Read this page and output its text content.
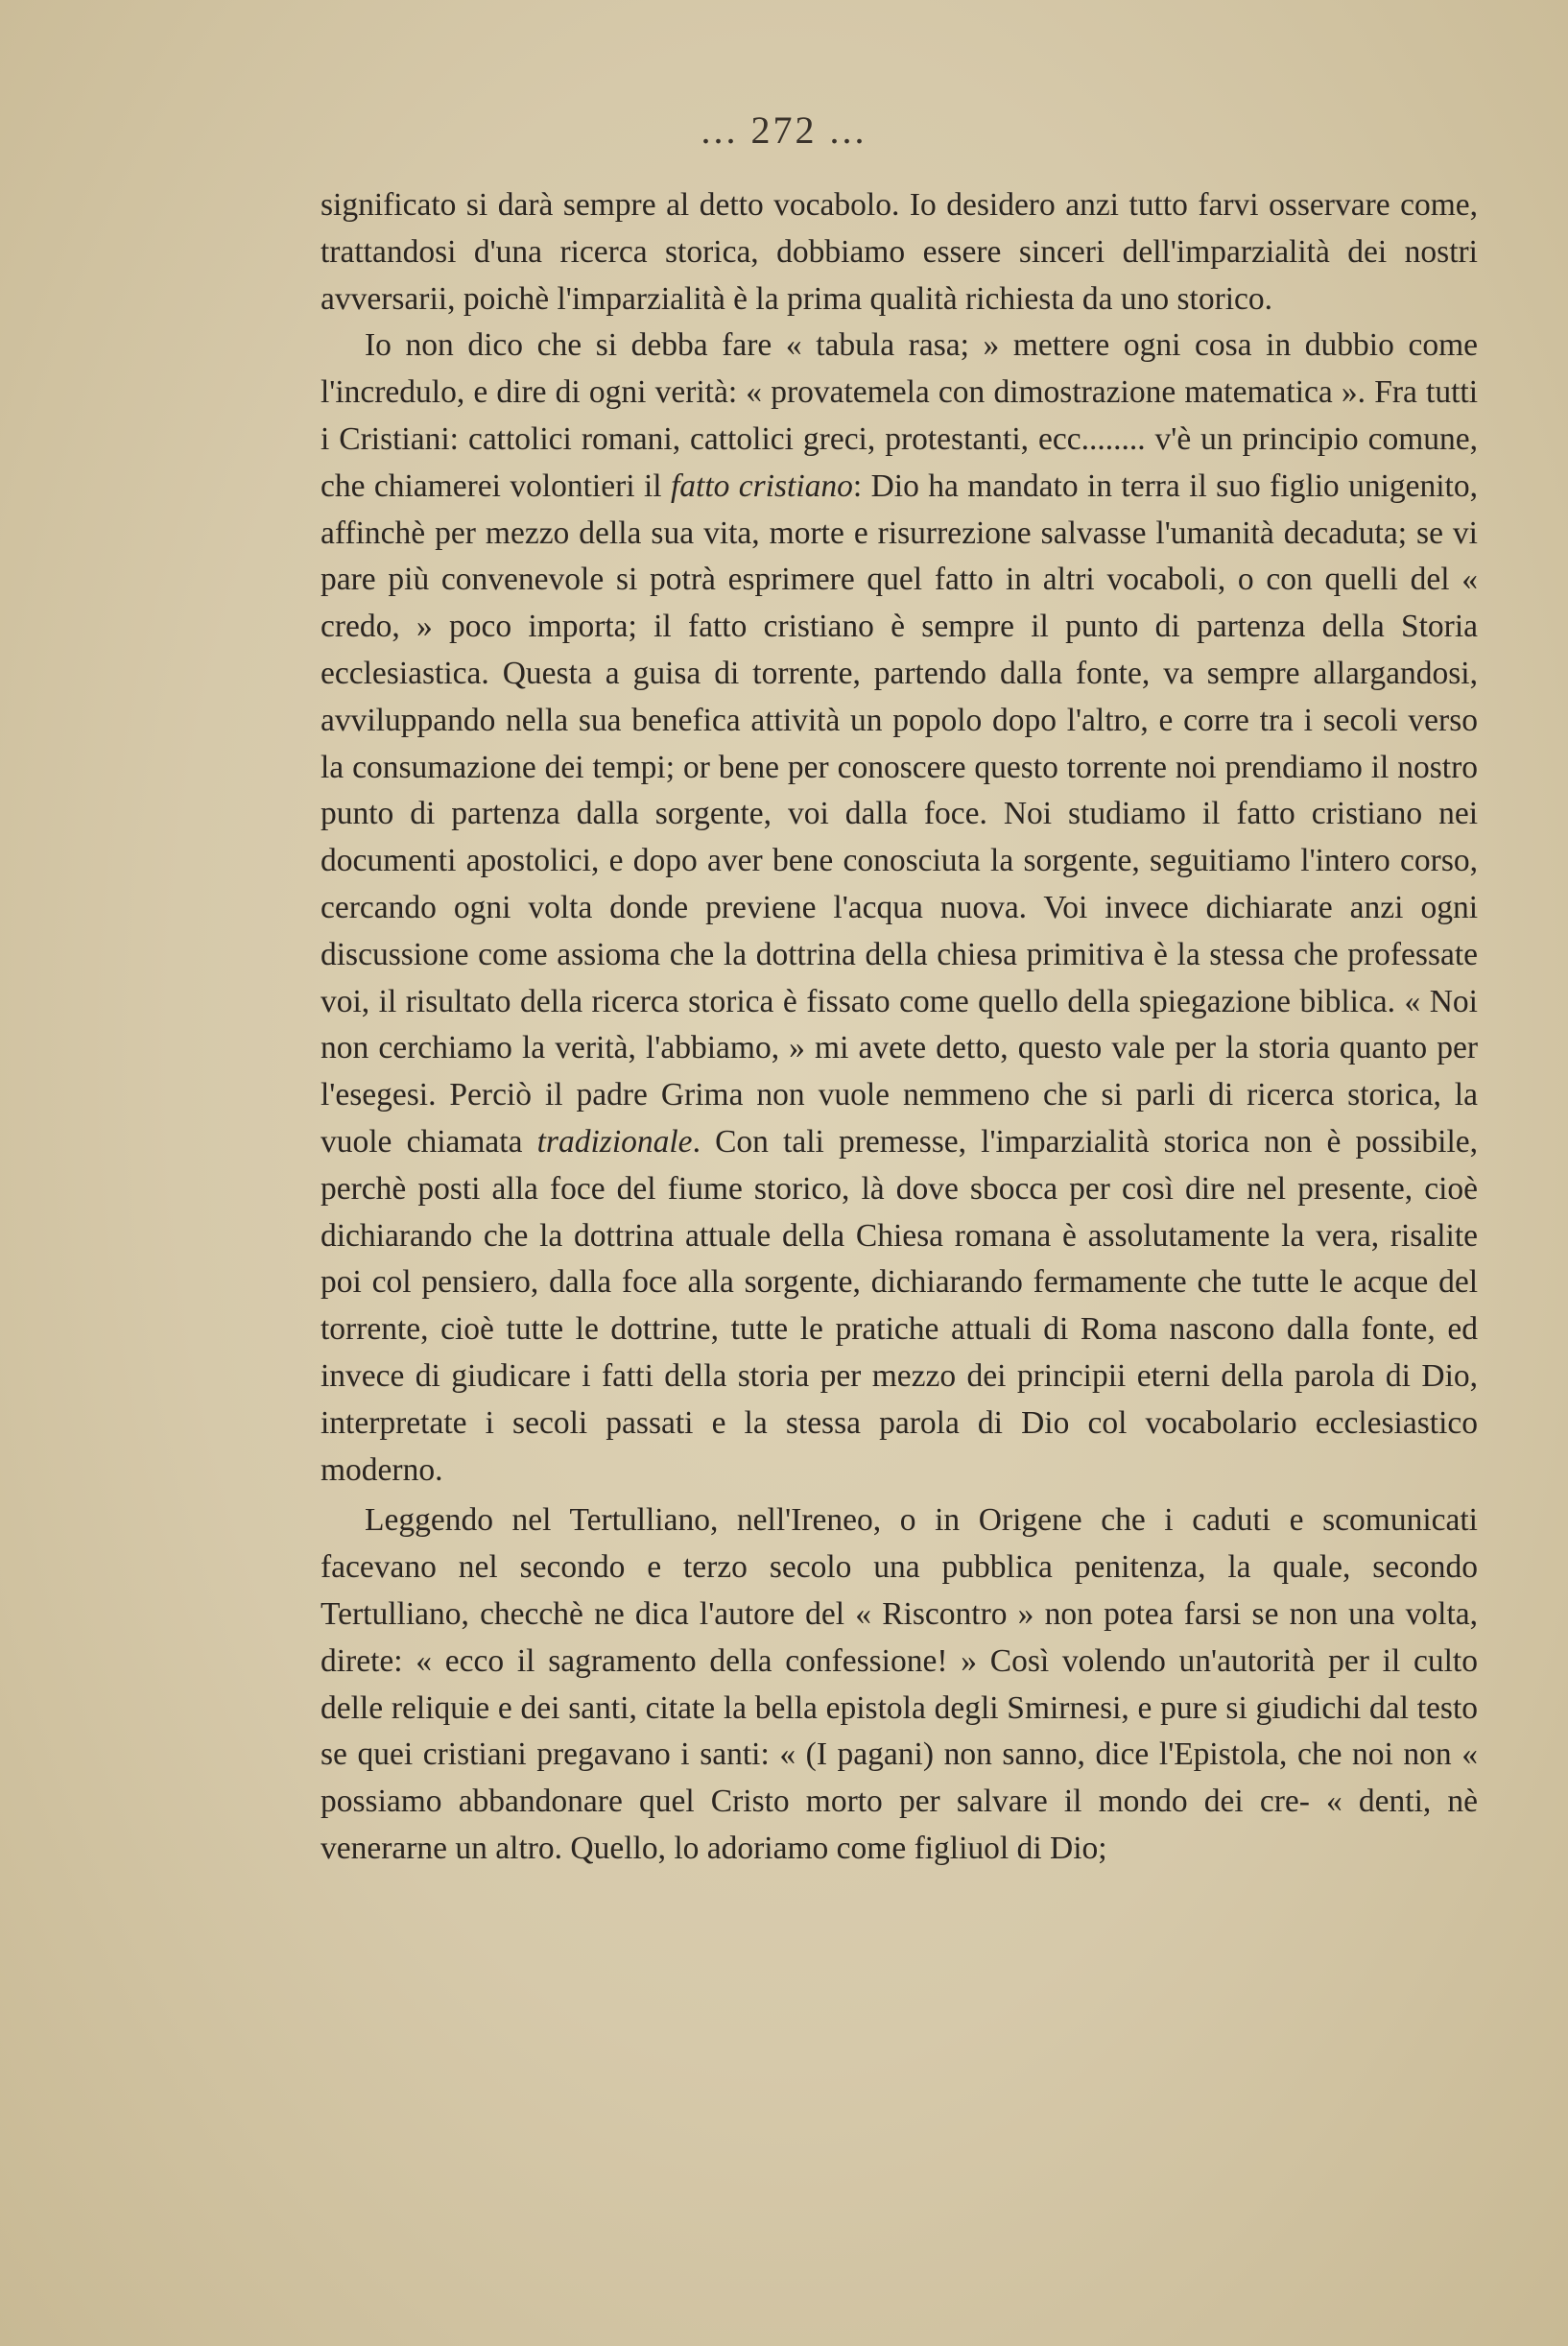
... 272 ...

significato si darà sempre al detto vocabolo. Io desidero anzi tutto farvi osservare come, trattandosi d'una ricerca storica, dobbiamo essere sinceri dell'imparzialità dei nostri avversarii, poichè l'imparzialità è la prima qualità richiesta da uno storico.

Io non dico che si debba fare « tabula rasa; » mettere ogni cosa in dubbio come l'incredulo, e dire di ogni verità: « provatemela con dimostrazione matematica ». Fra tutti i Cristiani: cattolici romani, cattolici greci, protestanti, ecc........ v'è un principio comune, che chiamerei volontieri il fatto cristiano: Dio ha mandato in terra il suo figlio unigenito, affinchè per mezzo della sua vita, morte e risurrezione salvasse l'umanità decaduta; se vi pare più convenevole si potrà esprimere quel fatto in altri vocaboli, o con quelli del « credo, » poco importa; il fatto cristiano è sempre il punto di partenza della Storia ecclesiastica. Questa a guisa di torrente, partendo dalla fonte, va sempre allargandosi, avviluppando nella sua benefica attività un popolo dopo l'altro, e corre tra i secoli verso la consumazione dei tempi; or bene per conoscere questo torrente noi prendiamo il nostro punto di partenza dalla sorgente, voi dalla foce. Noi studiamo il fatto cristiano nei documenti apostolici, e dopo aver bene conosciuta la sorgente, seguitiamo l'intero corso, cercando ogni volta donde previene l'acqua nuova. Voi invece dichiarate anzi ogni discussione come assioma che la dottrina della chiesa primitiva è la stessa che professate voi, il risultato della ricerca storica è fissato come quello della spiegazione biblica. « Noi non cerchiamo la verità, l'abbiamo, » mi avete detto, questo vale per la storia quanto per l'esegesi. Perciò il padre Grima non vuole nemmeno che si parli di ricerca storica, la vuole chiamata tradizionale. Con tali premesse, l'imparzialità storica non è possibile, perchè posti alla foce del fiume storico, là dove sbocca per così dire nel presente, cioè dichiarando che la dottrina attuale della Chiesa romana è assolutamente la vera, risalite poi col pensiero, dalla foce alla sorgente, dichiarando fermamente che tutte le acque del torrente, cioè tutte le dottrine, tutte le pratiche attuali di Roma nascono dalla fonte, ed invece di giudicare i fatti della storia per mezzo dei principii eterni della parola di Dio, interpretate i secoli passati e la stessa parola di Dio col vocabolario ecclesiastico moderno.

Leggendo nel Tertulliano, nell'Ireneo, o in Origene che i caduti e scomunicati facevano nel secondo e terzo secolo una pubblica penitenza, la quale, secondo Tertulliano, checchè ne dica l'autore del « Riscontro » non potea farsi se non una volta, direte: « ecco il sagramento della confessione! » Così volendo un'autorità per il culto delle reliquie e dei santi, citate la bella epistola degli Smirnesi, e pure si giudichi dal testo se quei cristiani pregavano i santi: « (I pagani) non sanno, dice l'Epistola, che noi non « possiamo abbandonare quel Cristo morto per salvare il mondo dei cre- « denti, nè venerarne un altro. Quello, lo adoriamo come figliuol di Dio;
